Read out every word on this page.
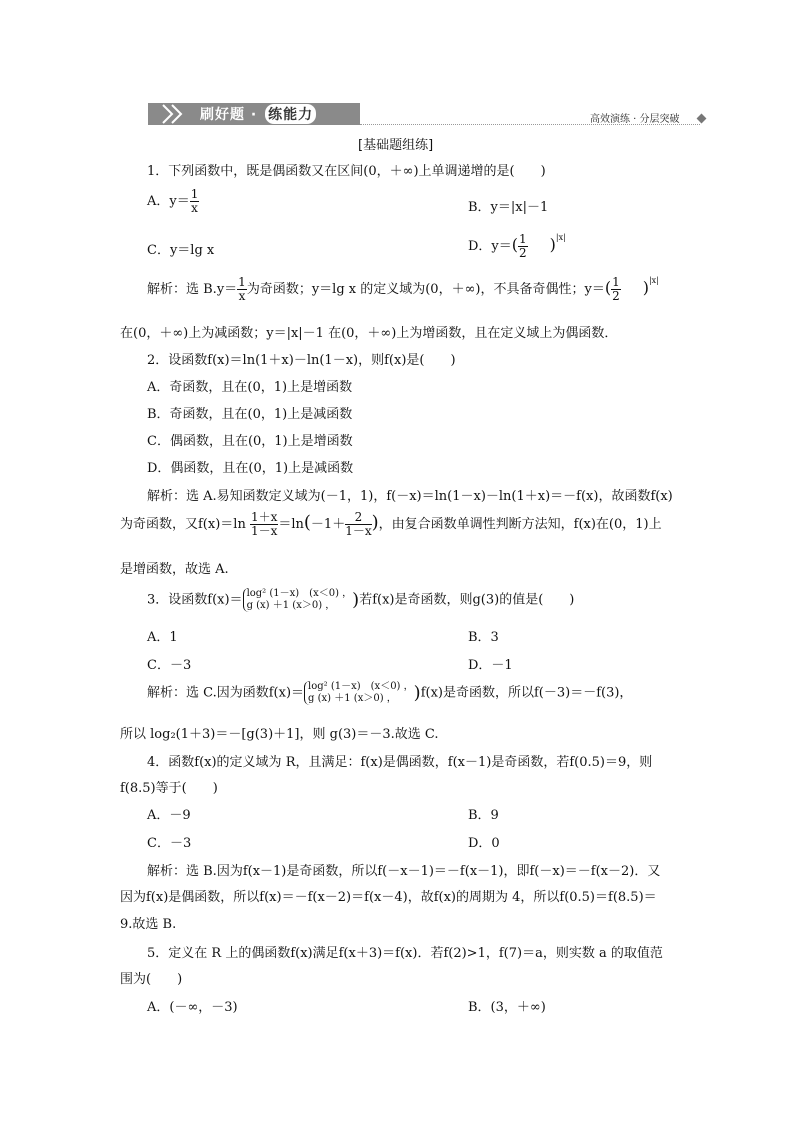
刷好题 · 练能力	高效演练 · 分层突破
[基础题组练]
1．下列函数中，既是偶函数又在区间(0，＋∞)上单调递增的是(　　)
A．$y= \frac{1}{x}$	B．y＝|x|－1
C．y＝lg x	D．$y=( \frac{1}{2} )^{|x|}$
解析：选 $B.y= \frac{1}{x}$ 为奇函数；y＝lg x 的定义域为(0，＋∞)，不具备奇偶性；$y=( \frac{1}{2} )^{|x|}$
在(0，＋∞)上为减函数；y＝|x|－1 在(0，＋∞)上为增函数，且在定义域上为偶函数．
2．设函数f(x)＝ln(1＋x)－ln(1－x)，则f(x)是(　　)
A．奇函数，且在(0，1)上是增函数
B．奇函数，且在(0，1)上是减函数
C．偶函数，且在(0，1)上是增函数
D．偶函数，且在(0，1)上是减函数
解析：选 A.易知函数定义域为(－1，1)，f(－x)＝ln(1－x)－ln(1＋x)＝－f(x)，故函数f(x)
为奇函数，又$f(x)=\ln \frac{1+x}{1-x} =\ln(-1+ \frac{2}{1-x}$ )，由复合函数单调性判断方法知，f(x)在(0，1)上
是增函数，故选 A.
3．设函数f(x)＝ log² (1－x)　(x＜0) ，
g (x) ＋1 (x＞0) ， )若f(x)是奇函数，则g(3)的值是(　　)
A．1	B．3
C．－3	D．－1
解析：选 C.因为函数f(x)＝ log² (1－x)　(x＜0) ，
g (x) ＋1 (x＞0) ， )f(x)是奇函数，所以f(－3)＝－f(3)，
所以 log₂(1＋3)＝－[g(3)＋1]，则 g(3)＝－3.故选 C.
4．函数f(x)的定义域为 R，且满足：f(x)是偶函数，f(x－1)是奇函数，若f(0.5)＝9，则
f(8.5)等于(　　)
A．－9	B．9
C．－3	D．0
解析：选 B.因为f(x－1)是奇函数，所以f(－x－1)＝－f(x－1)，即f(－x)＝－f(x－2)．又
因为f(x)是偶函数，所以f(x)＝－f(x－2)＝f(x－4)，故f(x)的周期为 4，所以f(0.5)＝f(8.5)＝
9.故选 B.
5．定义在 R 上的偶函数f(x)满足f(x＋3)＝f(x)．若f(2)>1，f(7)＝a，则实数 a 的取值范
围为(　　)
A．(－∞，－3)	B．(3，＋∞)
